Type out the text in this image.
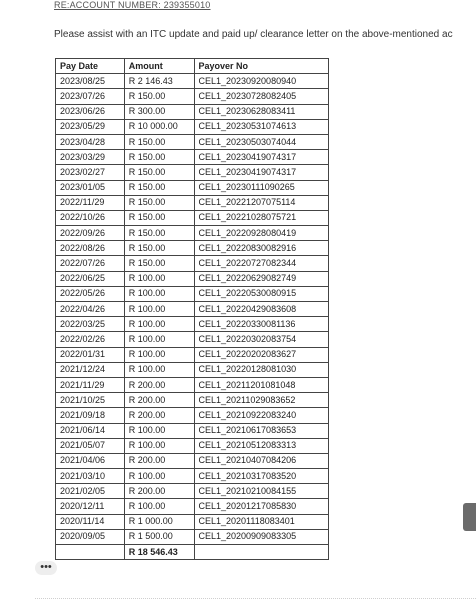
RE:ACCOUNT NUMBER: 239355010
Please assist with an ITC update and paid up/ clearance letter on the above-mentioned ac
Pay Date	Amount	Payover No
2023/08/25	R 2 146.43	CEL1_20230920080940
2023/07/26	R 150.00	CEL1_20230728082405
2023/06/26	R 300.00	CEL1_20230628083411
2023/05/29	R 10 000.00	CEL1_20230531074613
2023/04/28	R 150.00	CEL1_20230503074044
2023/03/29	R 150.00	CEL1_20230419074317
2023/02/27	R 150.00	CEL1_20230419074317
2023/01/05	R 150.00	CEL1_20230111090265
2022/11/29	R 150.00	CEL1_20221207075114
2022/10/26	R 150.00	CEL1_20221028075721
2022/09/26	R 150.00	CEL1_20220928080419
2022/08/26	R 150.00	CEL1_20220830082916
2022/07/26	R 150.00	CEL1_20220727082344
2022/06/25	R 100.00	CEL1_20220629082749
2022/05/26	R 100.00	CEL1_20220530080915
2022/04/26	R 100.00	CEL1_20220429083608
2022/03/25	R 100.00	CEL1_20220330081136
2022/02/26	R 100.00	CEL1_20220302083754
2022/01/31	R 100.00	CEL1_20220202083627
2021/12/24	R 100.00	CEL1_20220128081030
2021/11/29	R 200.00	CEL1_20211201081048
2021/10/25	R 200.00	CEL1_20211029083652
2021/09/18	R 200.00	CEL1_20210922083240
2021/06/14	R 100.00	CEL1_20210617083653
2021/05/07	R 100.00	CEL1_20210512083313
2021/04/06	R 200.00	CEL1_20210407084206
2021/03/10	R 100.00	CEL1_20210317083520
2021/02/05	R 200.00	CEL1_20210210084155
2020/12/11	R 100.00	CEL1_20201217085830
2020/11/14	R 1 000.00	CEL1_20201118083401
2020/09/05	R 1 500.00	CEL1_20200909083305
	R 18 546.43	
•••
